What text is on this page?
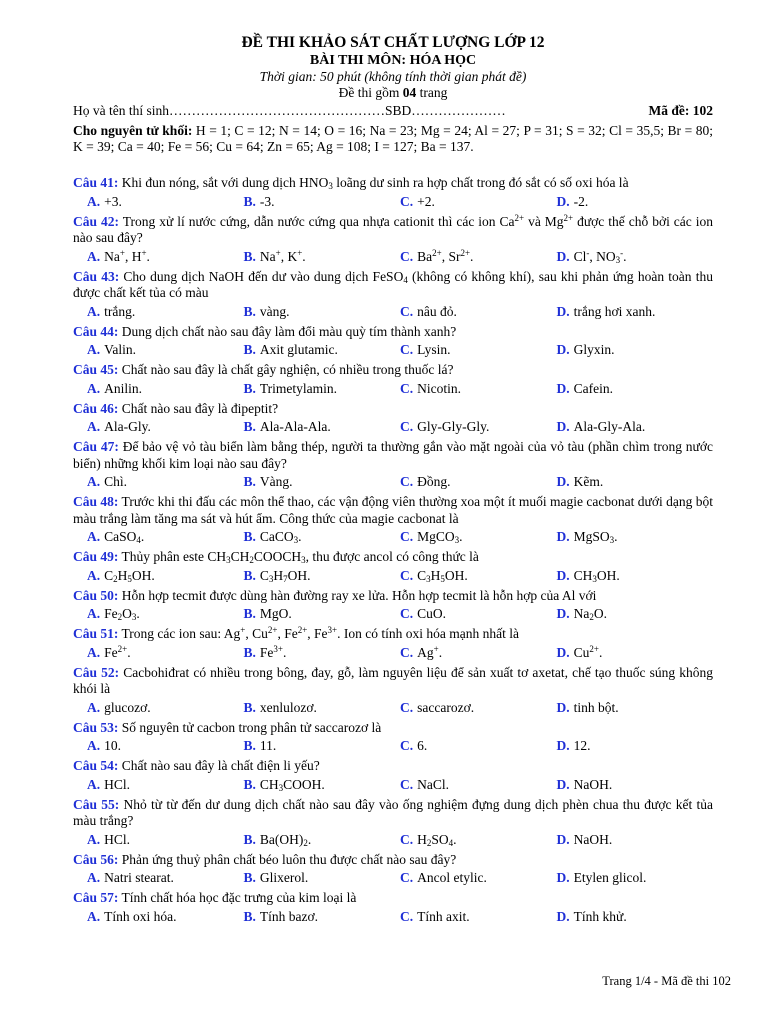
ĐỀ THI KHẢO SÁT CHẤT LƯỢNG LỚP 12
BÀI THI MÔN: HÓA HỌC
Thời gian: 50 phút (không tính thời gian phát đề)
Đề thi gồm 04 trang
Họ và tên thí sinh…………………………………………SBD…………………	Mã đề: 102
Cho nguyên tử khối: H = 1; C = 12; N = 14; O = 16; Na = 23; Mg = 24; Al = 27; P = 31; S = 32; Cl = 35,5; Br = 80; K = 39; Ca = 40; Fe = 56; Cu = 64; Zn = 65; Ag = 108; I = 127; Ba = 137.
Câu 41: Khi đun nóng, sắt với dung dịch $HNO_3$ loãng dư sinh ra hợp chất trong đó sắt có số oxi hóa là
A. +3.	B. -3.	C. +2.	D. -2.
Câu 42: Trong xử lí nước cứng, dẫn nước cứng qua nhựa cationit thì các ion $Ca^{2+}$ và $Mg^{2+}$ được thế chỗ bởi các ion nào sau đây?
A. Na+, H+.	B. Na+, K+.	C. $Ba^{2+}$, $Sr^{2+}$.	D. Cl-, $NO_3^-$.
Câu 43: Cho dung dịch NaOH đến dư vào dung dịch FeSO$_4$ (không có không khí), sau khi phản ứng hoàn toàn thu được chất kết tủa có màu
A. trắng.	B. vàng.	C. nâu đỏ.	D. trắng hơi xanh.
Câu 44: Dung dịch chất nào sau đây làm đổi màu quỳ tím thành xanh?
A. Valin.	B. Axit glutamic.	C. Lysin.	D. Glyxin.
Câu 45: Chất nào sau đây là chất gây nghiện, có nhiều trong thuốc lá?
A. Anilin.	B. Trimetylamin.	C. Nicotin.	D. Cafein.
Câu 46: Chất nào sau đây là đipeptit?
A. Ala-Gly.	B. Ala-Ala-Ala.	C. Gly-Gly-Gly.	D. Ala-Gly-Ala.
Câu 47: Để bảo vệ vỏ tàu biển làm bằng thép, người ta thường gắn vào mặt ngoài của vỏ tàu (phần chìm trong nước biển) những khối kim loại nào sau đây?
A. Chì.	B. Vàng.	C. Đồng.	D. Kẽm.
Câu 48: Trước khi thi đấu các môn thể thao, các vận động viên thường xoa một ít muối magie cacbonat dưới dạng bột màu trắng làm tăng ma sát và hút ẩm. Công thức của magie cacbonat là
A. CaSO$_4$.	B. CaCO$_3$.	C. MgCO$_3$.	D. MgSO$_3$.
Câu 49: Thủy phân este $CH_3CH_2COOCH_3$, thu được ancol có công thức là
A. $C_2H_5OH$.	B. $C_3H_7OH$.	C. $C_3H_5OH$.	D. $CH_3OH$.
Câu 50: Hỗn hợp tecmit được dùng hàn đường ray xe lửa. Hỗn hợp tecmit là hỗn hợp của Al với
A. $Fe_2O_3$.	B. MgO.	C. CuO.	D. $Na_2O$.
Câu 51: Trong các ion sau: Ag+, $Cu^{2+}$, $Fe^{2+}$, $Fe^{3+}$. Ion có tính oxi hóa mạnh nhất là
A. $Fe^{2+}$.	B. $Fe^{3+}$.	C. Ag+.	D. $Cu^{2+}$.
Câu 52: Cacbohiđrat có nhiều trong bông, đay, gỗ, làm nguyên liệu để sản xuất tơ axetat, chế tạo thuốc súng không khói là
A. glucozơ.	B. xenlulozơ.	C. saccarozơ.	D. tinh bột.
Câu 53: Số nguyên tử cacbon trong phân tử saccarozơ là
A. 10.	B. 11.	C. 6.	D. 12.
Câu 54: Chất nào sau đây là chất điện li yếu?
A. HCl.	B. $CH_3COOH$.	C. NaCl.	D. NaOH.
Câu 55: Nhỏ từ từ đến dư dung dịch chất nào sau đây vào ống nghiệm đựng dung dịch phèn chua thu được kết tủa màu trắng?
A. HCl.	B. $Ba(OH)_2$.	C. $H_2SO_4$.	D. NaOH.
Câu 56: Phản ứng thuỷ phân chất béo luôn thu được chất nào sau đây?
A. Natri stearat.	B. Glixerol.	C. Ancol etylic.	D. Etylen glicol.
Câu 57: Tính chất hóa học đặc trưng của kim loại là
A. Tính oxi hóa.	B. Tính bazơ.	C. Tính axit.	D. Tính khử.
Trang 1/4 - Mã đề thi 102
